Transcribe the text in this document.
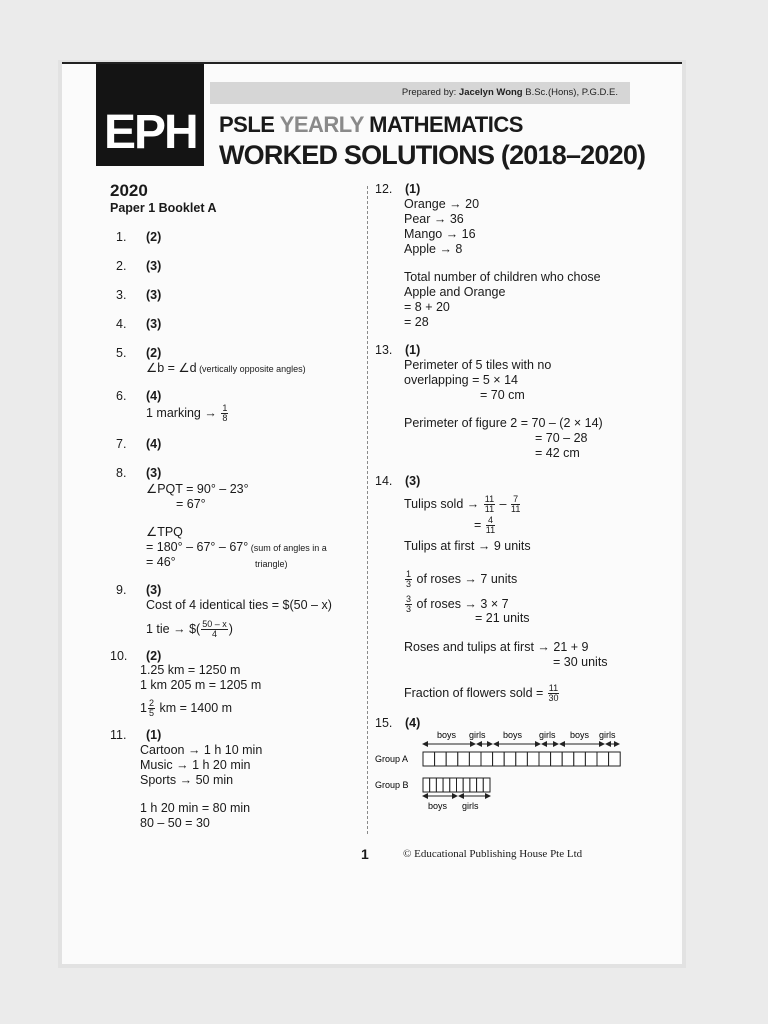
Prepared by: Jacelyn Wong B.Sc.(Hons), P.G.D.E.
EPH	PSLE YEARLY MATHEMATICS
WORKED SOLUTIONS (2018–2020)
2020
Paper 1 Booklet A
1. (2)
2. (3)
3. (3)
4. (3)
5. (2)
∠b = ∠d (vertically opposite angles)
6. (4)
1 marking → $\frac{1}{8}$
7. (4)
8. (3)
∠PQT = 90° – 23°
= 67°
∠TPQ
= 180° – 67° – 67° (sum of angles in a
= 46°	triangle)
9. (3)
Cost of 4 identical ties = $(50 – x)
1 tie → $( $\frac{50 - x}{4}$ )
10. (2)
1.25 km = 1250 m
1 km 205 m = 1205 m
$1 \frac{2}{5}$ km = 1400 m
11. (1)
Cartoon → 1 h 10 min
Music → 1 h 20 min
Sports → 50 min
1 h 20 min = 80 min
80 – 50 = 30
12. (1)
Orange → 20
Pear → 36
Mango → 16
Apple → 8
Total number of children who chose
Apple and Orange
= 8 + 20
= 28
13. (1)
Perimeter of 5 tiles with no
overlapping = 5 × 14
= 70 cm
Perimeter of figure 2 = 70 – (2 × 14)
= 70 – 28
= 42 cm
14. (3)
Tulips sold → $\frac{11}{11} - \frac{7}{11}$
= $\frac{4}{11}$
Tulips at first → 9 units
$\frac{1}{3}$ of roses → 7 units
$\frac{3}{3}$ of roses → 3 × 7
= 21 units
Roses and tulips at first → 21 + 9
= 30 units
Fraction of flowers sold = $\frac{11}{30}$
15. (4)
boys girls boys girls boys girls
Group A
Group B
boys girls
1	© Educational Publishing House Pte Ltd
